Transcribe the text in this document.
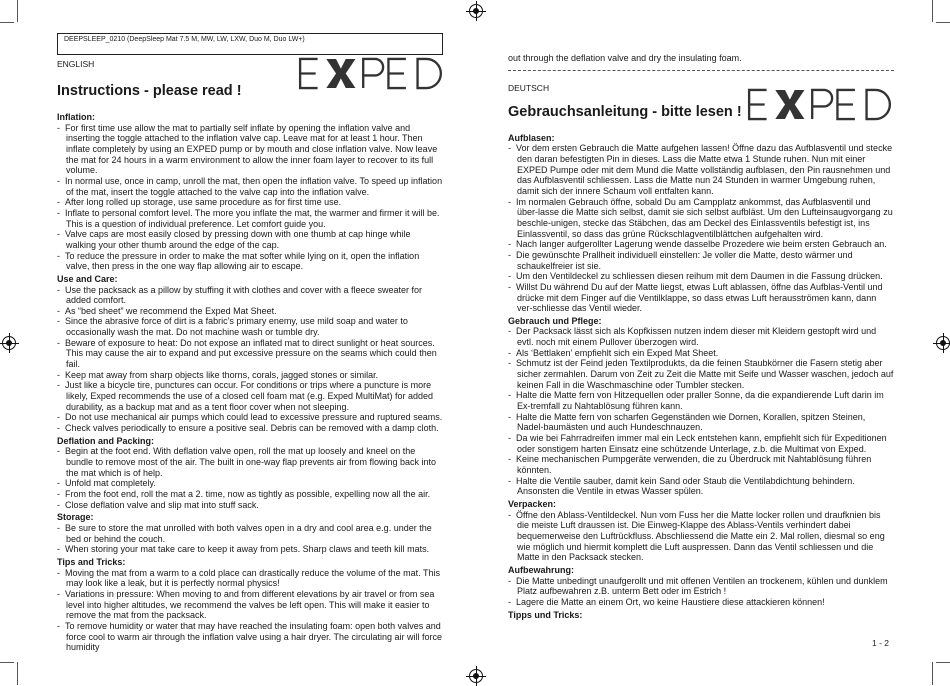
DEEPSLEEP_0210 (DeepSleep Mat 7.5 M, MW, LW, LXW, Duo M, Duo LW+)
ENGLISH
Instructions - please read !
Inflation:
-  For first time use allow the mat to partially self inflate by opening the inflation valve and inserting the toggle attached to the inflation valve cap. Leave mat for at least 1 hour. Then inflate completely by using an EXPED pump or by mouth and close inflation valve. Now leave the mat for 24 hours in a warm environment to allow the inner foam layer to recover to its full volume.
-  In normal use, once in camp, unroll the mat, then open the inflation valve. To speed up inflation of the mat, insert the toggle attached to the valve cap into the inflation valve.
-  After long rolled up storage, use same procedure as for first time use.
-  Inflate to personal comfort level. The more you inflate the mat, the warmer and firmer it will be. This is a question of individual preference. Let comfort guide you.
-  Valve caps are most easily closed by pressing down with one thumb at cap hinge while walking your other thumb around the edge of the cap.
-  To reduce the pressure in order to make the mat softer while lying on it, open the inflation valve, then press in the one way flap allowing air to escape.
Use and Care:
-  Use the packsack as a pillow by stuffing it with clothes and cover with a fleece sweater for added comfort.
-  As “bed sheet” we recommend the Exped Mat Sheet.
-  Since the abrasive force of dirt is a fabric’s primary enemy, use mild soap and water to occasionally wash the mat. Do not machine wash or tumble dry.
-  Beware of exposure to heat: Do not expose an inflated mat to direct sunlight or heat sources. This may cause the air to expand and put excessive pressure on the seams which could then fail.
-  Keep mat away from sharp objects like thorns, corals, jagged stones or similar.
-  Just like a bicycle tire, punctures can occur. For conditions or trips where a puncture is more likely, Exped recommends the use of a closed cell foam mat (e.g. Exped MultiMat) for added durability, as a backup mat and as a tent floor cover when not sleeping.
-  Do not use mechanical air pumps which could lead to excessive pressure and ruptured seams.
-  Check valves periodically to ensure a positive seal. Debris can be removed with a damp cloth.
Deflation and Packing:
-  Begin at the foot end. With deflation valve open, roll the mat up loosely and kneel on the bundle to remove most of the air. The built in one-way flap prevents air from flowing back into the mat which is of help.
-  Unfold mat completely.
-  From the foot end, roll the mat a 2. time, now as tightly as possible, expelling now all the air.
-  Close deflation valve and slip mat into stuff sack.
Storage:
-  Be sure to store the mat unrolled with both valves open in a dry and cool area e.g. under the bed or behind the couch.
-  When storing your mat take care to keep it away from pets. Sharp claws and teeth kill mats.
Tips and Tricks:
-  Moving the mat from a warm to a cold place can drastically reduce the volume of the mat. This may look like a leak, but it is perfectly normal physics!
-  Variations in pressure: When moving to and from different elevations by air travel or from sea level into higher altitudes, we recommend the valves be left open. This will make it easier to remove the mat from the packsack.
-  To remove humidity or water that may have reached the insulating foam: open both valves and force cool to warm air through the inflation valve using a hair dryer. The circulating air will force humidity
out through the deflation valve and dry the insulating foam.
DEUTSCH
Gebrauchsanleitung - bitte lesen !
Aufblasen:
-  Vor dem ersten Gebrauch die Matte aufgehen lassen! Öffne dazu das Aufblasventil und stecke den daran befestigten Pin in dieses. Lass die Matte etwa 1 Stunde ruhen. Nun mit einer EXPED Pumpe oder mit dem Mund die Matte vollständig aufblasen, den Pin rausnehmen und das Aufblasventil schliessen. Lass die Matte nun 24 Stunden in warmer Umgebung ruhen, damit sich der innere Schaum voll entfalten kann.
-  Im normalen Gebrauch öffne, sobald Du am Campplatz ankommst, das Aufblasventil und über-lasse die Matte sich selbst, damit sie sich selbst aufbläst. Um den Lufteinsaugvorgang zu beschle-unigen, stecke das Stäbchen, das am Deckel des Einlassventils befestigt ist, ins Einlassventil, so dass das grüne Rückschlagventilblättchen aufgehalten wird.
-  Nach langer aufgerollter Lagerung wende dasselbe Prozedere wie beim ersten Gebrauch an.
-  Die gewünschte Prallheit individuell einstellen: Je voller die Matte, desto wärmer und schaukelfreier ist sie.
-  Um den Ventildeckel zu schliessen diesen reihum mit dem Daumen in die Fassung drücken.
-  Willst Du während Du auf der Matte liegst, etwas Luft ablassen, öffne das Aufblas-Ventil und drücke mit dem Finger auf die Ventilklappe, so dass etwas Luft herausströmen kann, dann ver-schliesse das Ventil wieder.
Gebrauch und Pflege:
-  Der Packsack lässt sich als Kopfkissen nutzen indem dieser mit Kleidern gestopft wird und evtl. noch mit einem Pullover überzogen wird.
-  Als ‘Bettlaken’ empfiehlt sich ein Exped Mat Sheet.
-  Schmutz ist der Feind jeden Textilprodukts, da die feinen Staubkörner die Fasern stetig aber sicher zermahlen. Darum von Zeit zu Zeit die Matte mit Seife und Wasser waschen, jedoch auf keinen Fall in die Waschmaschine oder Tumbler stecken.
-  Halte die Matte fern von Hitzequellen oder praller Sonne, da die expandierende Luft darin im Ex-tremfall zu Nahtablösung führen kann.
-  Halte die Matte fern von scharfen Gegenständen wie Dornen, Korallen, spitzen Steinen, Nadel-baumästen und auch Hundeschnauzen.
-  Da wie bei Fahrradreifen immer mal ein Leck entstehen kann, empfiehlt sich für Expeditionen oder sonstigem harten Einsatz eine schützende Unterlage, z.b. die Multimat von Exped.
-  Keine mechanischen Pumpgeräte verwenden, die zu Überdruck mit Nahtablösung führen könnten.
-  Halte die Ventile sauber, damit kein Sand oder Staub die Ventilabdichtung behindern. Ansonsten die Ventile in etwas Wasser spülen.
Verpacken:
-  Öffne den Ablass-Ventildeckel. Nun vom Fuss her die Matte locker rollen und draufknien bis die meiste Luft draussen ist. Die Einweg-Klappe des Ablass-Ventils verhindert dabei bequemerweise den Luftrückfluss. Abschliessend die Matte ein 2. Mal rollen, diesmal so eng wie möglich und hiermit komplett die Luft auspressen. Dann das Ventil schliessen und die Matte in den Packsack stecken.
Aufbewahrung:
-  Die Matte unbedingt unaufgerollt und mit offenen Ventilen an trockenem, kühlen und dunklem Platz aufbewahren z.B. unterm Bett oder im Estrich !
-  Lagere die Matte an einem Ort, wo keine Haustiere diese attackieren können!
Tipps und Tricks:
1 - 2
